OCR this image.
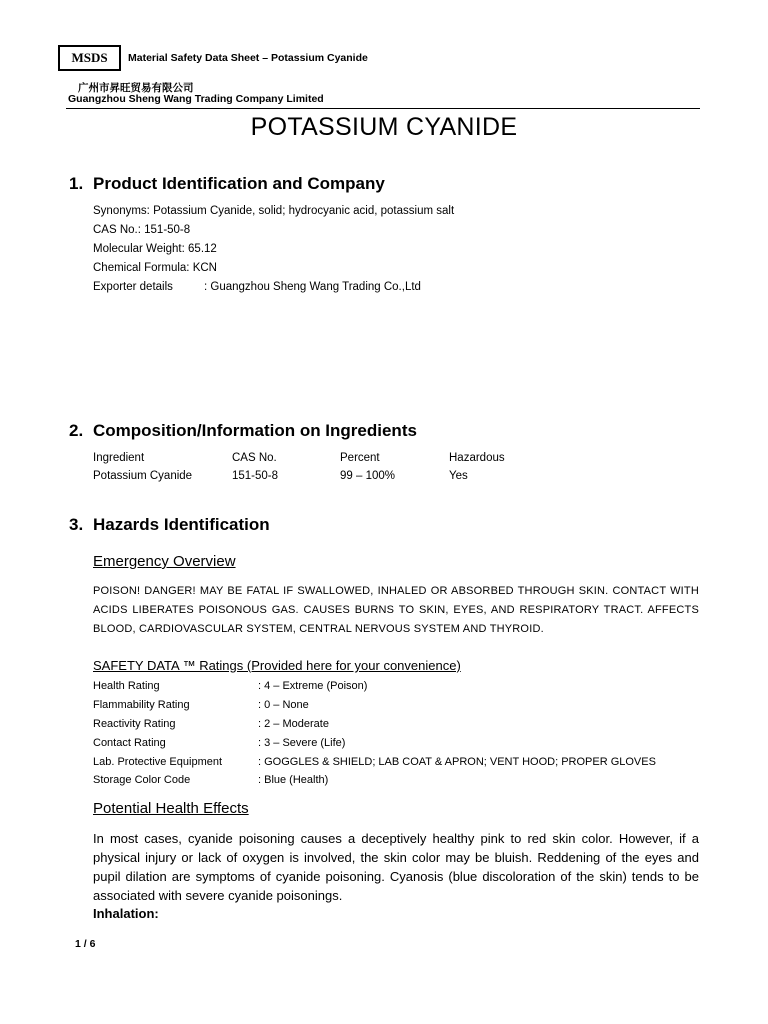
MSDS	Material Safety Data Sheet – Potassium Cyanide
广州市昇旺贸易有限公司
Guangzhou Sheng Wang Trading Company Limited
POTASSIUM CYANIDE
1. Product Identification and Company
Synonyms: Potassium Cyanide, solid; hydrocyanic acid, potassium salt
CAS No.: 151-50-8
Molecular Weight: 65.12
Chemical Formula: KCN
Exporter details	: Guangzhou Sheng Wang Trading Co.,Ltd
2. Composition/Information on Ingredients
Ingredient	CAS No.	Percent	Hazardous
Potassium Cyanide	151-50-8	99 – 100%	Yes
3. Hazards Identification
Emergency Overview
POISON! DANGER! MAY BE FATAL IF SWALLOWED, INHALED OR ABSORBED THROUGH SKIN. CONTACT WITH ACIDS LIBERATES POISONOUS GAS. CAUSES BURNS TO SKIN, EYES, AND RESPIRATORY TRACT. AFFECTS BLOOD, CARDIOVASCULAR SYSTEM, CENTRAL NERVOUS SYSTEM AND THYROID.
SAFETY DATA ™ Ratings (Provided here for your convenience)
Health Rating	: 4 – Extreme (Poison)
Flammability Rating	: 0 – None
Reactivity Rating	: 2 – Moderate
Contact Rating	: 3 – Severe (Life)
Lab. Protective Equipment	: GOGGLES & SHIELD; LAB COAT & APRON; VENT HOOD; PROPER GLOVES
Storage Color Code	: Blue (Health)
Potential Health Effects
In most cases, cyanide poisoning causes a deceptively healthy pink to red skin color. However, if a physical injury or lack of oxygen is involved, the skin color may be bluish. Reddening of the eyes and pupil dilation are symptoms of cyanide poisoning. Cyanosis (blue discoloration of the skin) tends to be associated with severe cyanide poisonings.
Inhalation:
1 / 6
